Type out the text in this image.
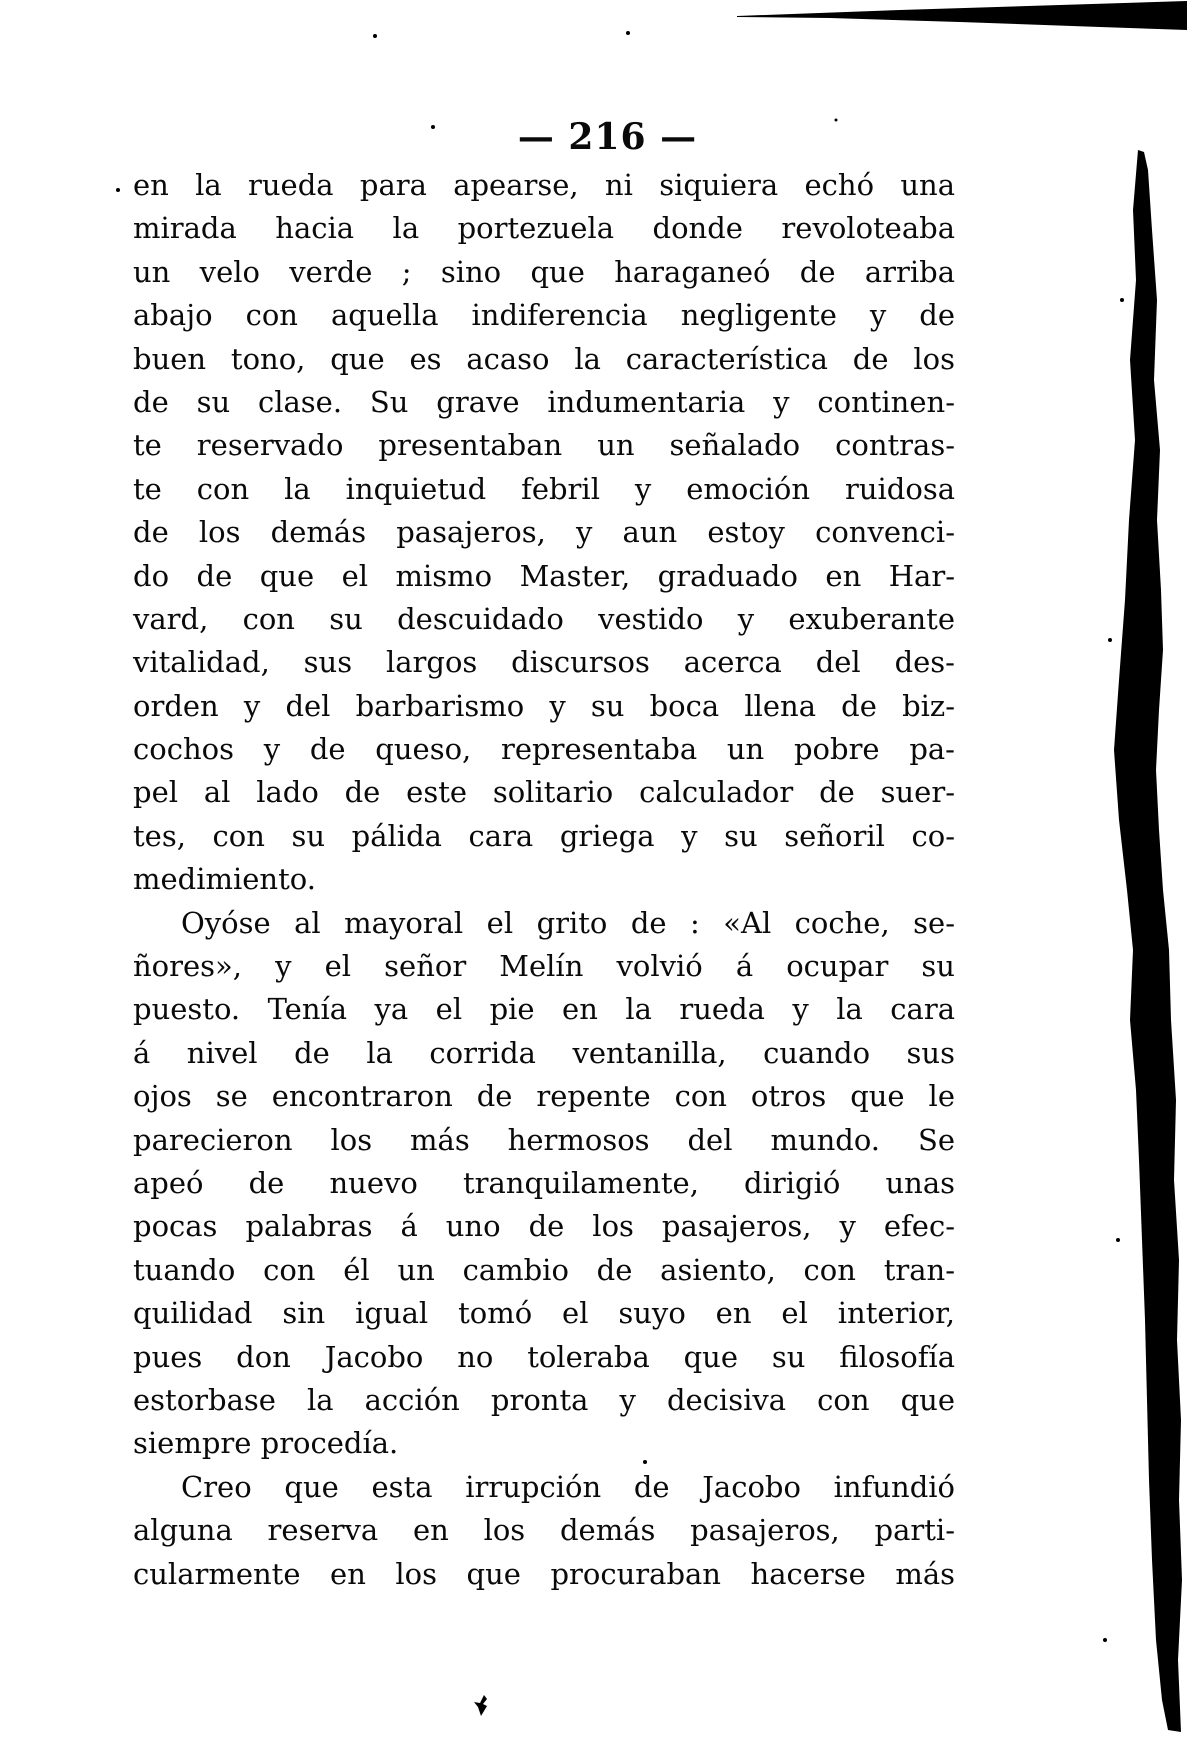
— 216 —
en la rueda para apearse, ni siquiera echó una
mirada hacia la portezuela donde revoloteaba
un velo verde ; sino que haraganeó de arriba
abajo con aquella indiferencia negligente y de
buen tono, que es acaso la característica de los
de su clase. Su grave indumentaria y continen-
te reservado presentaban un señalado contras-
te con la inquietud febril y emoción ruidosa
de los demás pasajeros, y aun estoy convenci-
do de que el mismo Master, graduado en Har-
vard, con su descuidado vestido y exuberante
vitalidad, sus largos discursos acerca del des-
orden y del barbarismo y su boca llena de biz-
cochos y de queso, representaba un pobre pa-
pel al lado de este solitario calculador de suer-
tes, con su pálida cara griega y su señoril co-
medimiento.
Oyóse al mayoral el grito de : «Al coche, se-
ñores», y el señor Melín volvió á ocupar su
puesto. Tenía ya el pie en la rueda y la cara
á nivel de la corrida ventanilla, cuando sus
ojos se encontraron de repente con otros que le
parecieron los más hermosos del mundo. Se
apeó de nuevo tranquilamente, dirigió unas
pocas palabras á uno de los pasajeros, y efec-
tuando con él un cambio de asiento, con tran-
quilidad sin igual tomó el suyo en el interior,
pues don Jacobo no toleraba que su filosofía
estorbase la acción pronta y decisiva con que
siempre procedía.
Creo que esta irrupción de Jacobo infundió
alguna reserva en los demás pasajeros, parti-
cularmente en los que procuraban hacerse más
